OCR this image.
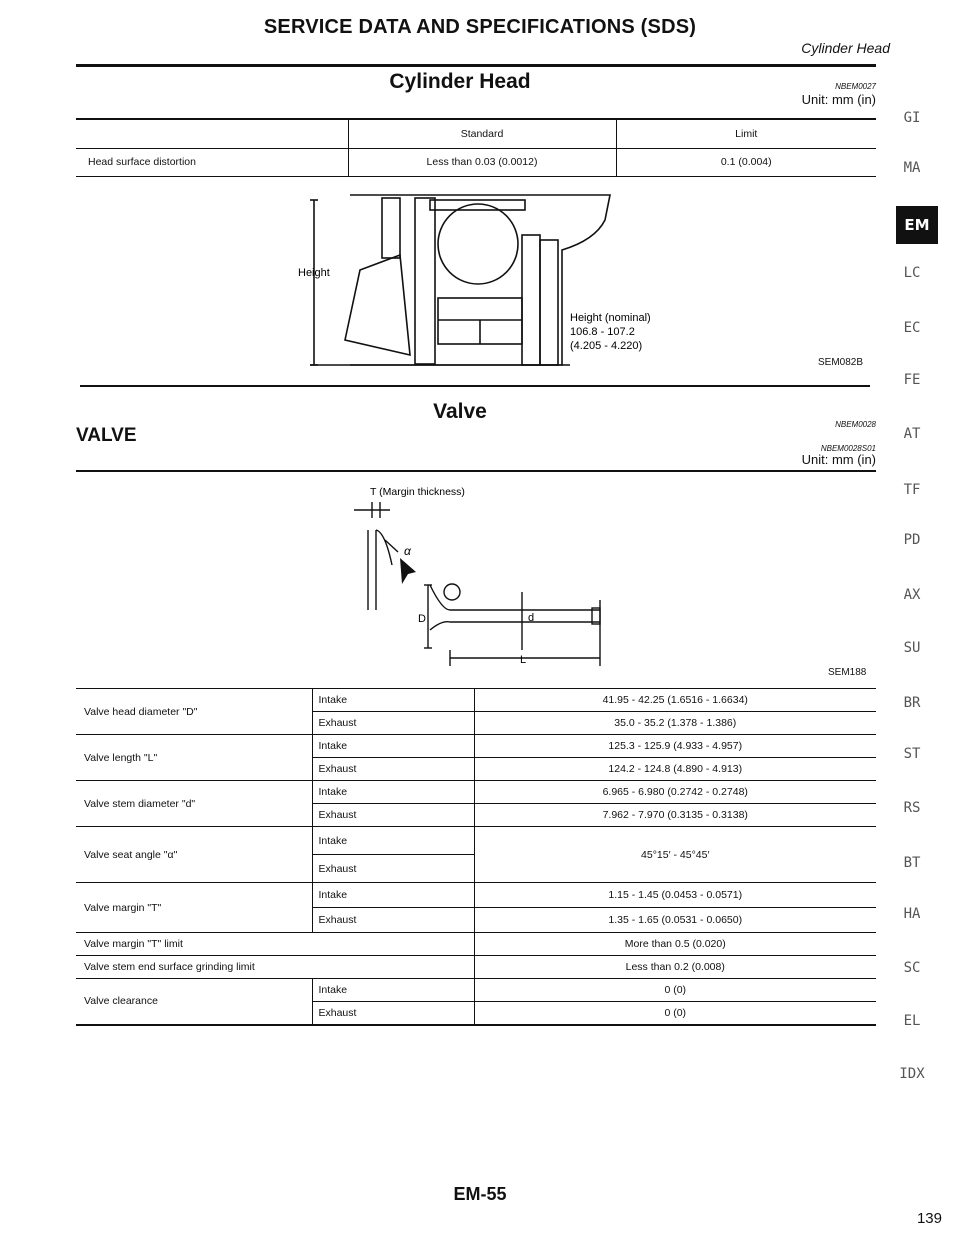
SERVICE DATA AND SPECIFICATIONS (SDS)
Cylinder Head
Cylinder Head	NBEM0027
Unit: mm (in)
	Standard	Limit
Head surface distortion	Less than 0.03 (0.0012)	0.1 (0.004)
Height
Height (nominal)
106.8 - 107.2
(4.205 - 4.220)
SEM082B
Valve
NBEM0028
VALVE
NBEM0028S01
Unit: mm (in)
T (Margin thickness)
α
D	d
L
SEM188
Valve head diameter "D"	Intake	41.95 - 42.25 (1.6516 - 1.6634)
	Exhaust	35.0 - 35.2 (1.378 - 1.386)
Valve length "L"	Intake	125.3 - 125.9 (4.933 - 4.957)
	Exhaust	124.2 - 124.8 (4.890 - 4.913)
Valve stem diameter "d"	Intake	6.965 - 6.980 (0.2742 - 0.2748)
	Exhaust	7.962 - 7.970 (0.3135 - 0.3138)
Valve seat angle "α"	Intake	45°15′ - 45°45′
	Exhaust	
Valve margin "T"	Intake	1.15 - 1.45 (0.0453 - 0.0571)
	Exhaust	1.35 - 1.65 (0.0531 - 0.0650)
Valve margin "T" limit		More than 0.5 (0.020)
Valve stem end surface grinding limit		Less than 0.2 (0.008)
Valve clearance	Intake	0 (0)
	Exhaust	0 (0)
GI
MA
EM
LC
EC
FE
AT
TF
PD
AX
SU
BR
ST
RS
BT
HA
SC
EL
IDX
EM-55
139
